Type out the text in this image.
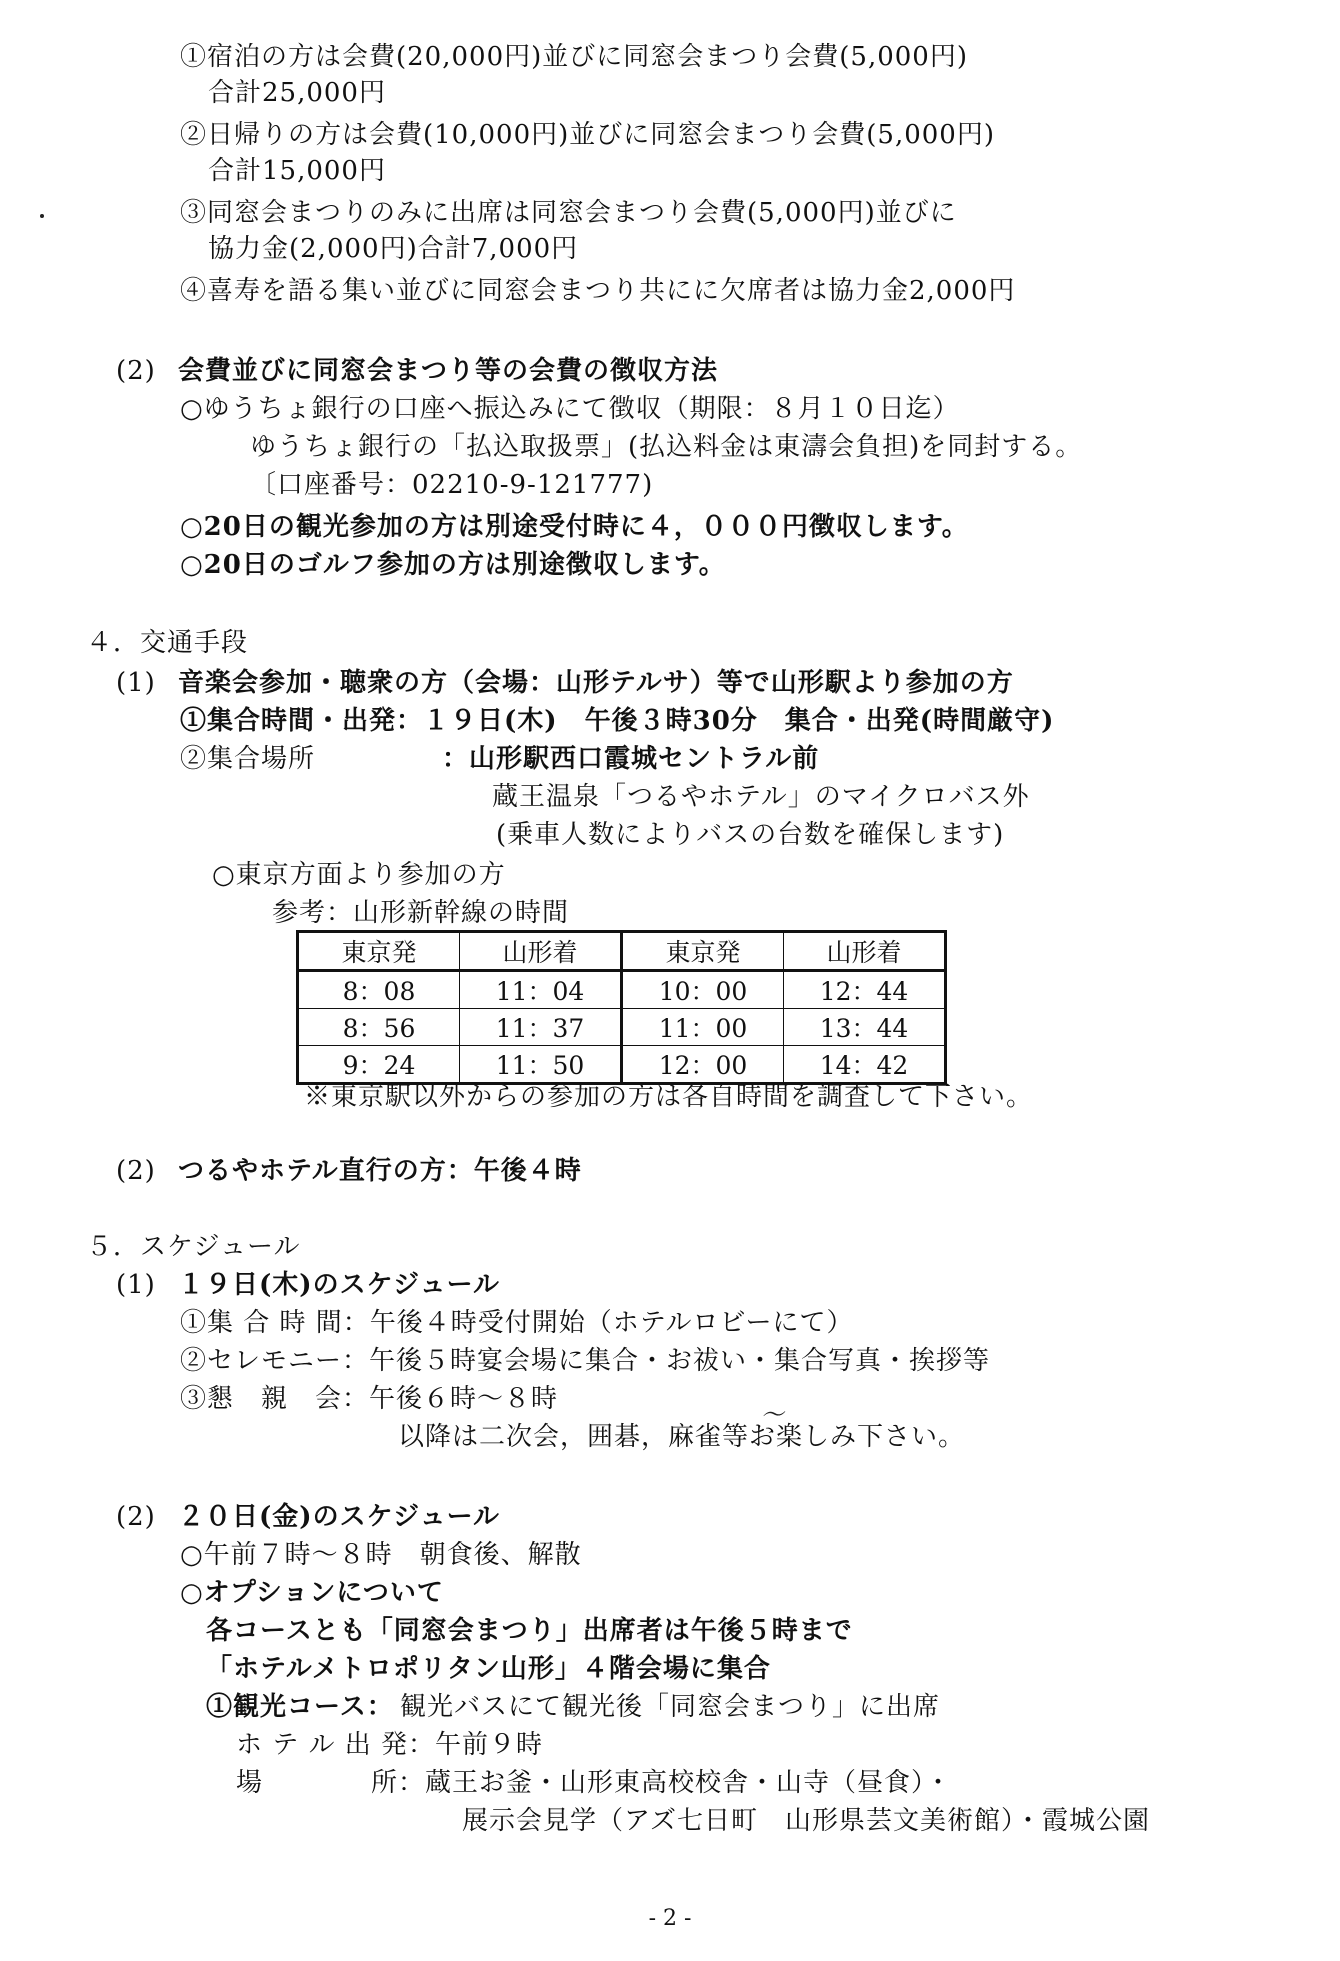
①宿泊の方は会費(20,000円)並びに同窓会まつり会費(5,000円)
合計25,000円
②日帰りの方は会費(10,000円)並びに同窓会まつり会費(5,000円)
合計15,000円
③同窓会まつりのみに出席は同窓会まつり会費(5,000円)並びに
協力金(2,000円)合計7,000円
④喜寿を語る集い並びに同窓会まつり共にに欠席者は協力金2,000円
(2) 会費並びに同窓会まつり等の会費の徴収方法
○ゆうちょ銀行の口座へ振込みにて徴収（期限：８月１０日迄）
ゆうちょ銀行の「払込取扱票」(払込料金は東濤会負担)を同封する。
〔口座番号：02210-9-121777)
○20日の観光参加の方は別途受付時に４，０００円徴収します。
○20日のゴルフ参加の方は別途徴収します。
４．交通手段
(1) 音楽会参加・聴衆の方（会場：山形テルサ）等で山形駅より参加の方
①集合時間・出発：１９日(木)　午後３時30分　集合・出発(時間厳守)
②集合場所	：山形駅西口霞城セントラル前
蔵王温泉「つるやホテル」のマイクロバス外
(乗車人数によりバスの台数を確保します)
○東京方面より参加の方
参考：山形新幹線の時間
東京発	山形着	東京発	山形着
8：08	11：04	10：00	12：44
8：56	11：37	11：00	13：44
9：24	11：50	12：00	14：42
※東京駅以外からの参加の方は各自時間を調査して下さい。
(2) つるやホテル直行の方：午後４時
５．スケジュール
(1) １９日(木)のスケジュール
①集 合 時 間：午後４時受付開始（ホテルロビーにて）
②セレモニー：午後５時宴会場に集合・お祓い・集合写真・挨拶等
③懇　親　会：午後６時～８時
～
以降は二次会，囲碁，麻雀等お楽しみ下さい。
(2) ２０日(金)のスケジュール
○午前７時～８時　朝食後、解散
○オプションについて
各コースとも「同窓会まつり」出席者は午後５時まで
「ホテルメトロポリタン山形」４階会場に集合
①観光コース： 観光バスにて観光後「同窓会まつり」に出席
ホ テ ル 出 発：午前９時
場　　　　所：蔵王お釜・山形東高校校舎・山寺（昼食）・
展示会見学（アズ七日町　山形県芸文美術館）・霞城公園
- 2 -
